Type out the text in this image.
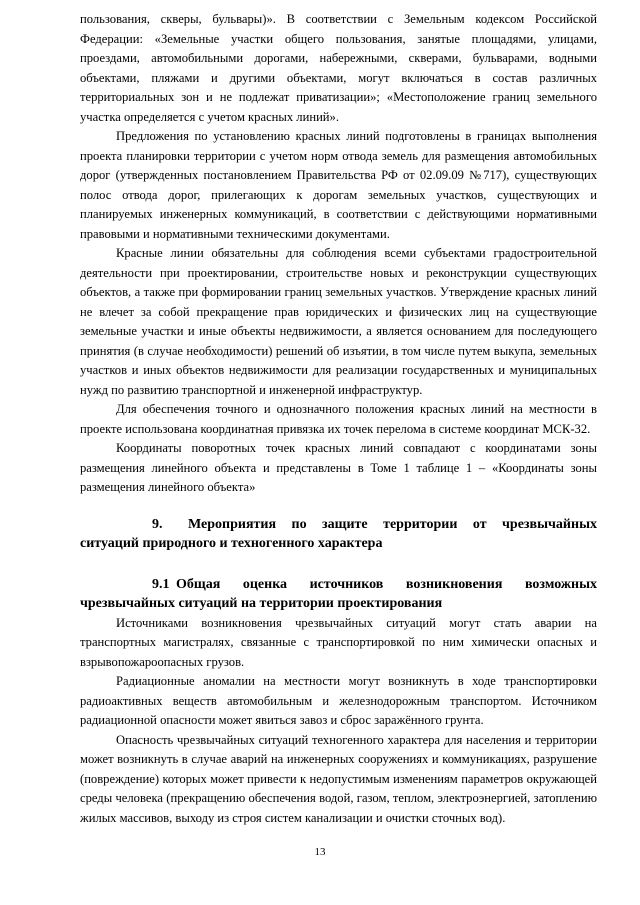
пользования, скверы, бульвары)». В соответствии с Земельным кодексом Российской Федерации: «Земельные участки общего пользования, занятые площадями, улицами, проездами, автомобильными дорогами, набережными, скверами, бульварами, водными объектами, пляжами и другими объектами, могут включаться в состав различных территориальных зон и не подлежат приватизации»; «Местоположение границ земельного участка определяется с учетом красных линий».

Предложения по установлению красных линий подготовлены в границах выполнения проекта планировки территории с учетом норм отвода земель для размещения автомобильных дорог (утвержденных постановлением Правительства РФ от 02.09.09 №717), существующих полос отвода дорог, прилегающих к дорогам земельных участков, существующих и планируемых инженерных коммуникаций, в соответствии с действующими нормативными правовыми и нормативными техническими документами.

Красные линии обязательны для соблюдения всеми субъектами градостроительной деятельности при проектировании, строительстве новых и реконструкции существующих объектов, а также при формировании границ земельных участков. Утверждение красных линий не влечет за собой прекращение прав юридических и физических лиц на существующие земельные участки и иные объекты недвижимости, а является основанием для последующего принятия (в случае необходимости) решений об изъятии, в том числе путем выкупа, земельных участков и иных объектов недвижимости для реализации государственных и муниципальных нужд по развитию транспортной и инженерной инфраструктур.

Для обеспечения точного и однозначного положения красных линий на местности в проекте использована координатная привязка их точек перелома в системе координат МСК-32.

Координаты поворотных точек красных линий совпадают с координатами зоны размещения линейного объекта и представлены в Томе 1 таблице 1 – «Координаты зоны размещения линейного объекта»

9. Мероприятия по защите территории от чрезвычайных ситуаций природного и техногенного характера
9.1 Общая оценка источников возникновения возможных чрезвычайных ситуаций на территории проектирования

Источниками возникновения чрезвычайных ситуаций могут стать аварии на транспортных магистралях, связанные с транспортировкой по ним химически опасных и взрывопожароопасных грузов.

Радиационные аномалии на местности могут возникнуть в ходе транспортировки радиоактивных веществ автомобильным и железнодорожным транспортом. Источником радиационной опасности может явиться завоз и сброс заражённого грунта.

Опасность чрезвычайных ситуаций техногенного характера для населения и территории может возникнуть в случае аварий на инженерных сооружениях и коммуникациях, разрушение (повреждение) которых может привести к недопустимым изменениям параметров окружающей среды человека (прекращению обеспечения водой, газом, теплом, электроэнергией, затоплению жилых массивов, выходу из строя систем канализации и очистки сточных вод).

13
